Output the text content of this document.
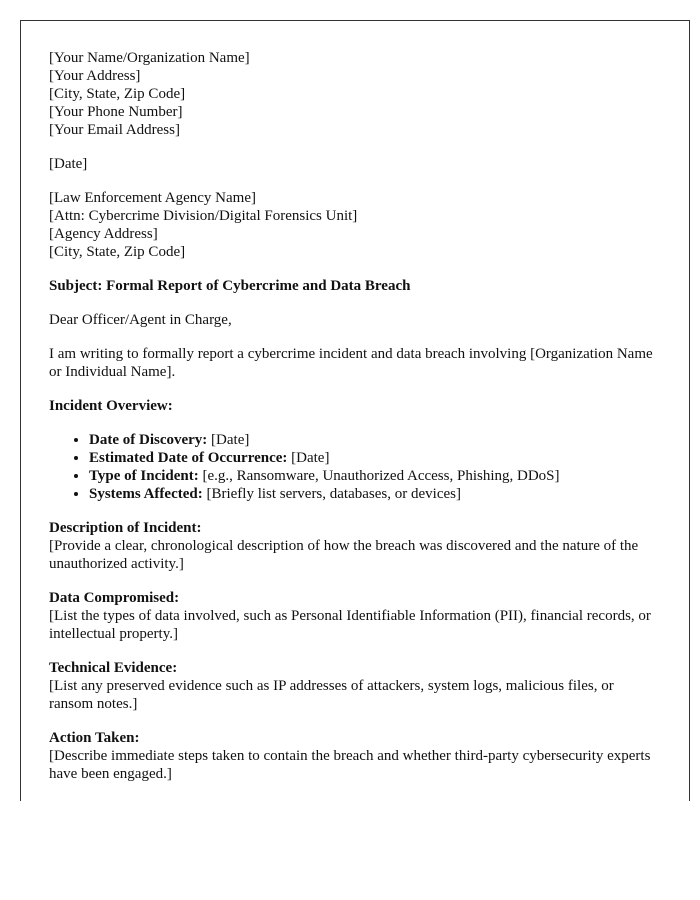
[Your Name/Organization Name]
[Your Address]
[City, State, Zip Code]
[Your Phone Number]
[Your Email Address]

[Date]

[Law Enforcement Agency Name]
[Attn: Cybercrime Division/Digital Forensics Unit]
[Agency Address]
[City, State, Zip Code]

Subject: Formal Report of Cybercrime and Data Breach

Dear Officer/Agent in Charge,

I am writing to formally report a cybercrime incident and data breach involving [Organization Name or Individual Name].

Incident Overview:

• Date of Discovery: [Date]
• Estimated Date of Occurrence: [Date]
• Type of Incident: [e.g., Ransomware, Unauthorized Access, Phishing, DDoS]
• Systems Affected: [Briefly list servers, databases, or devices]

Description of Incident:
[Provide a clear, chronological description of how the breach was discovered and the nature of the unauthorized activity.]

Data Compromised:
[List the types of data involved, such as Personal Identifiable Information (PII), financial records, or intellectual property.]

Technical Evidence:
[List any preserved evidence such as IP addresses of attackers, system logs, malicious files, or ransom notes.]

Action Taken:
[Describe immediate steps taken to contain the breach and whether third-party cybersecurity experts have been engaged.]
